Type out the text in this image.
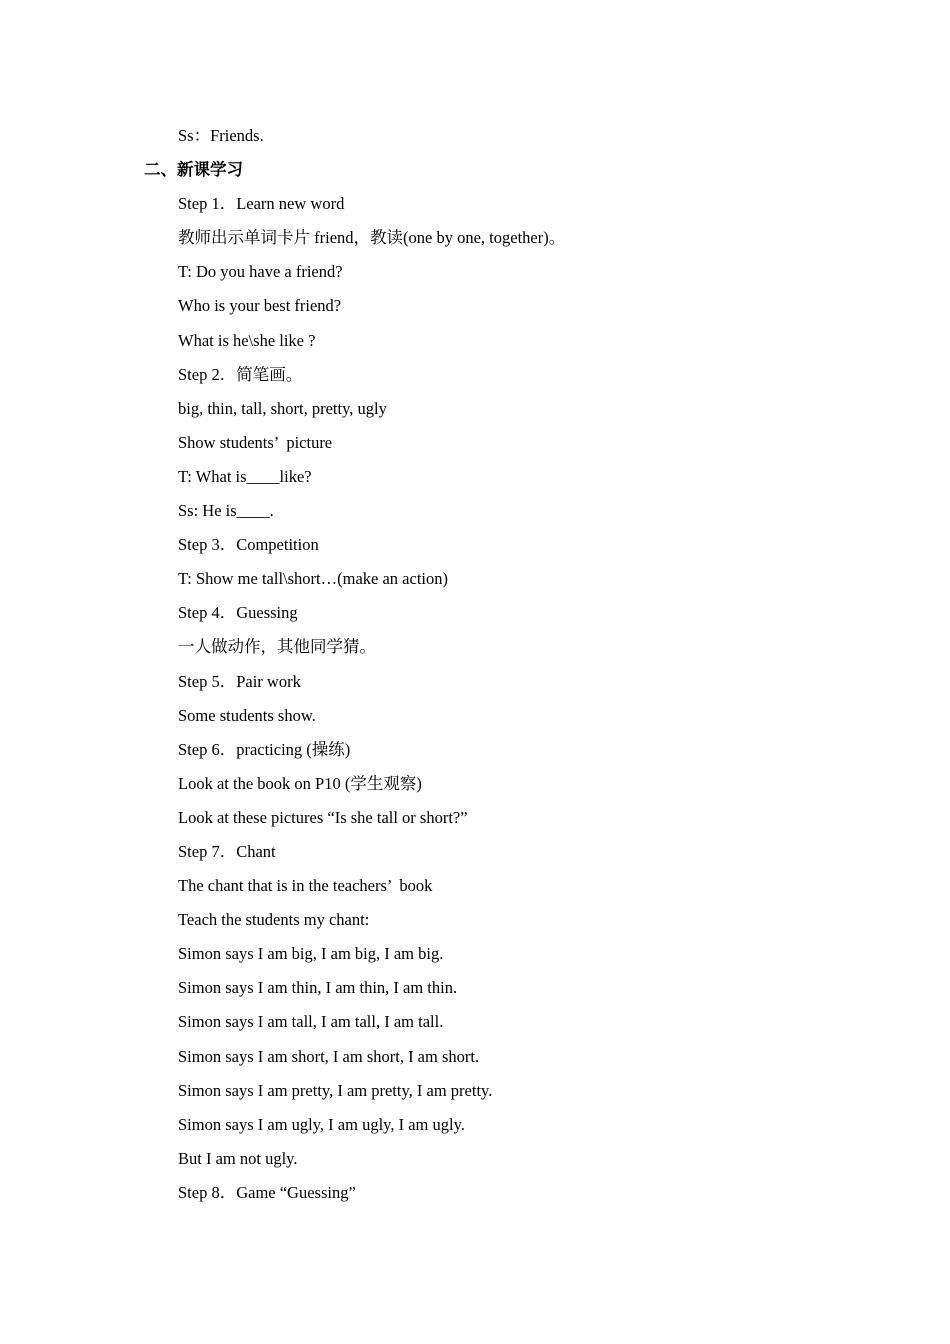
Ss：Friends.
二、新课学习
Step 1．Learn new word
教师出示单词卡片 friend，教读(one by one, together)。
T: Do you have a friend?
Who is your best friend?
What is he\she like ?
Step 2．简笔画。
big, thin, tall, short, pretty, ugly
Show students’  picture
T: What is____like?
Ss: He is____.
Step 3．Competition
T: Show me tall\short…(make an action)
Step 4．Guessing
一人做动作，其他同学猜。
Step 5．Pair work
Some students show.
Step 6．practicing (操练)
Look at the book on P10 (学生观察)
Look at these pictures “Is she tall or short?”
Step 7．Chant
The chant that is in the teachers’  book
Teach the students my chant:
Simon says I am big, I am big, I am big.
Simon says I am thin, I am thin, I am thin.
Simon says I am tall, I am tall, I am tall.
Simon says I am short, I am short, I am short.
Simon says I am pretty, I am pretty, I am pretty.
Simon says I am ugly, I am ugly, I am ugly.
But I am not ugly.
Step 8．Game “Guessing”
